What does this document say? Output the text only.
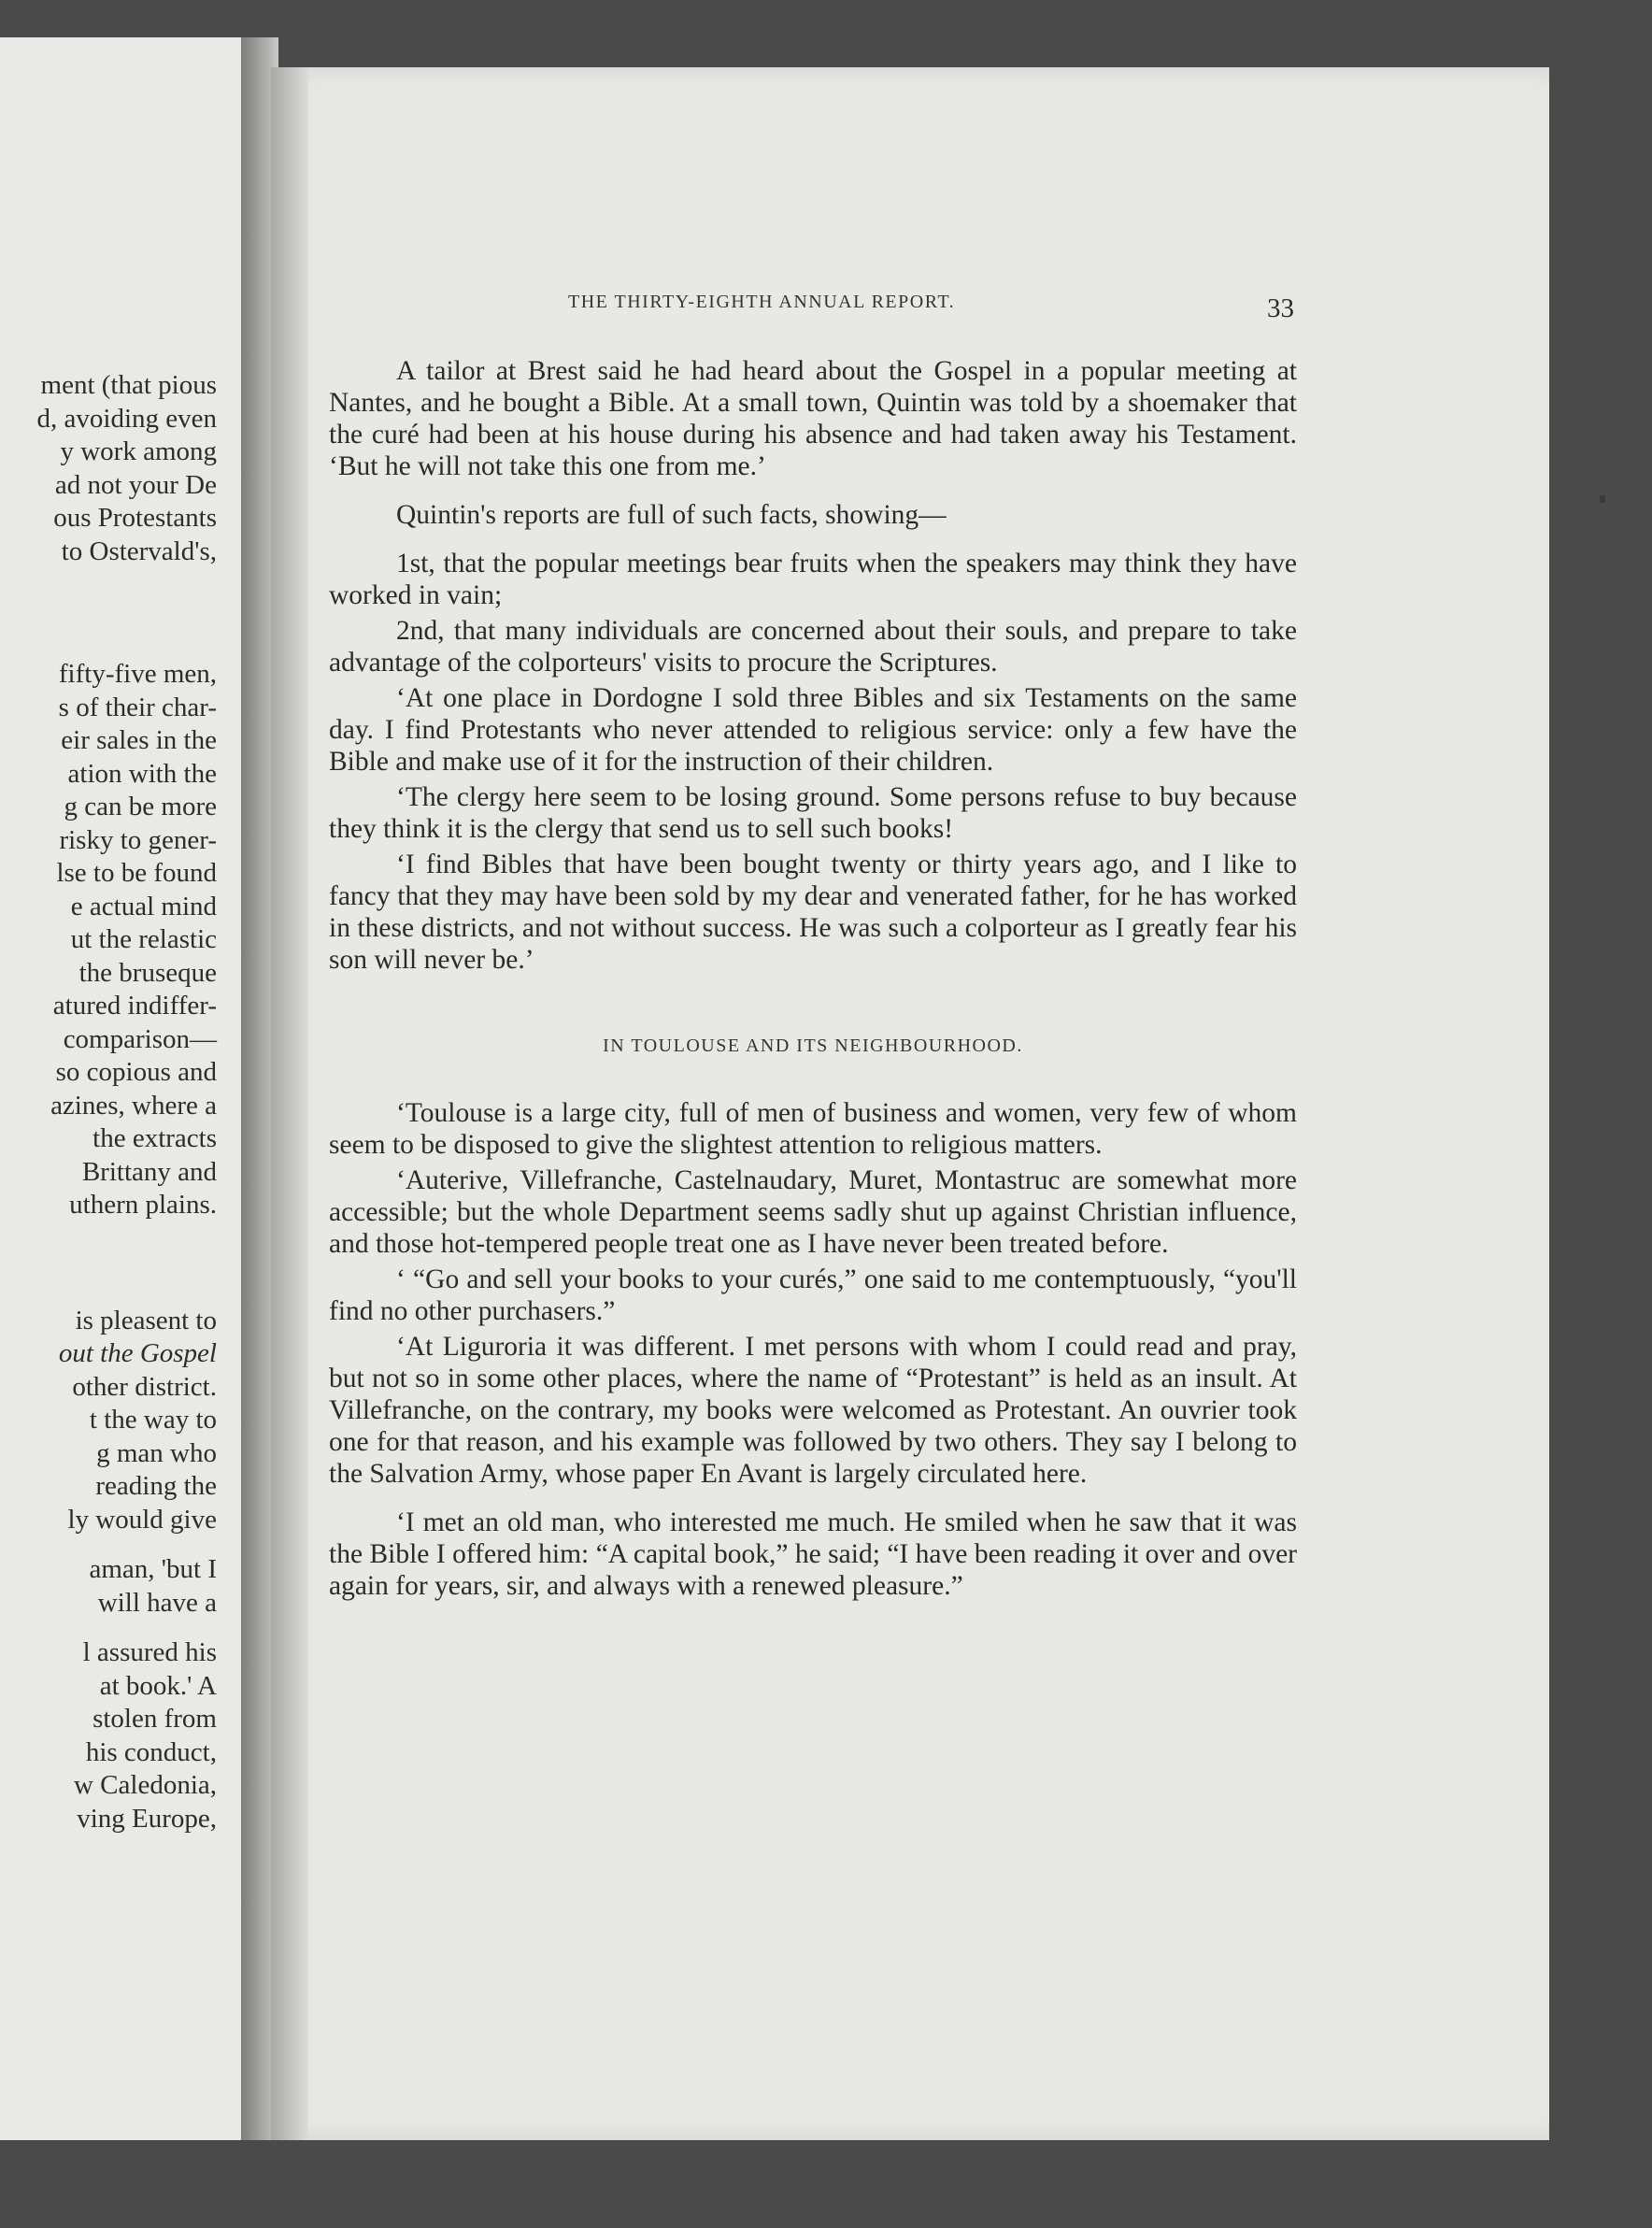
ment (that pious
d, avoiding even
y work among
ad not your De
ous Protestants
to Ostervald's,
fifty-five men,
s of their char-
eir sales in the
ation with the
g can be more
risky to gener-
lse to be found
e actual mind
ut the relastic
the bruseque
atured indiffer-
comparison—
so copious and
azines, where a
the extracts
Brittany and
uthern plains.
is pleasent to
out the Gospel
other district.
t the way to
g man who
reading the
ly would give
aman, 'but I
will have a
l assured his
at book.' A
stolen from
his conduct,
w Caledonia,
ving Europe,
THE THIRTY-EIGHTH ANNUAL REPORT.	33

A tailor at Brest said he had heard about the Gospel in a popular meeting at Nantes, and he bought a Bible. At a small town, Quintin was told by a shoemaker that the curé had been at his house during his absence and had taken away his Testament. ‘But he will not take this one from me.’

Quintin's reports are full of such facts, showing—

1st, that the popular meetings bear fruits when the speakers may think they have worked in vain;

2nd, that many individuals are concerned about their souls, and prepare to take advantage of the colporteurs' visits to procure the Scriptures.

‘At one place in Dordogne I sold three Bibles and six Testaments on the same day. I find Protestants who never attended to religious service: only a few have the Bible and make use of it for the instruction of their children.

‘The clergy here seem to be losing ground. Some persons refuse to buy because they think it is the clergy that send us to sell such books!

‘I find Bibles that have been bought twenty or thirty years ago, and I like to fancy that they may have been sold by my dear and venerated father, for he has worked in these districts, and not without success. He was such a colporteur as I greatly fear his son will never be.’

IN TOULOUSE AND ITS NEIGHBOURHOOD.

‘Toulouse is a large city, full of men of business and women, very few of whom seem to be disposed to give the slightest attention to religious matters.

‘Auterive, Villefranche, Castelnaudary, Muret, Montastruc are somewhat more accessible; but the whole Department seems sadly shut up against Christian influence, and those hot-tempered people treat one as I have never been treated before.

‘ “Go and sell your books to your curés,” one said to me contemptuously, “you'll find no other purchasers.”

‘At Liguroria it was different. I met persons with whom I could read and pray, but not so in some other places, where the name of “Protestant” is held as an insult. At Villefranche, on the contrary, my books were welcomed as Protestant. An ouvrier took one for that reason, and his example was followed by two others. They say I belong to the Salvation Army, whose paper En Avant is largely circulated here.

‘I met an old man, who interested me much. He smiled when he saw that it was the Bible I offered him: “A capital book,” he said; “I have been reading it over and over again for years, sir, and always with a renewed pleasure.”
